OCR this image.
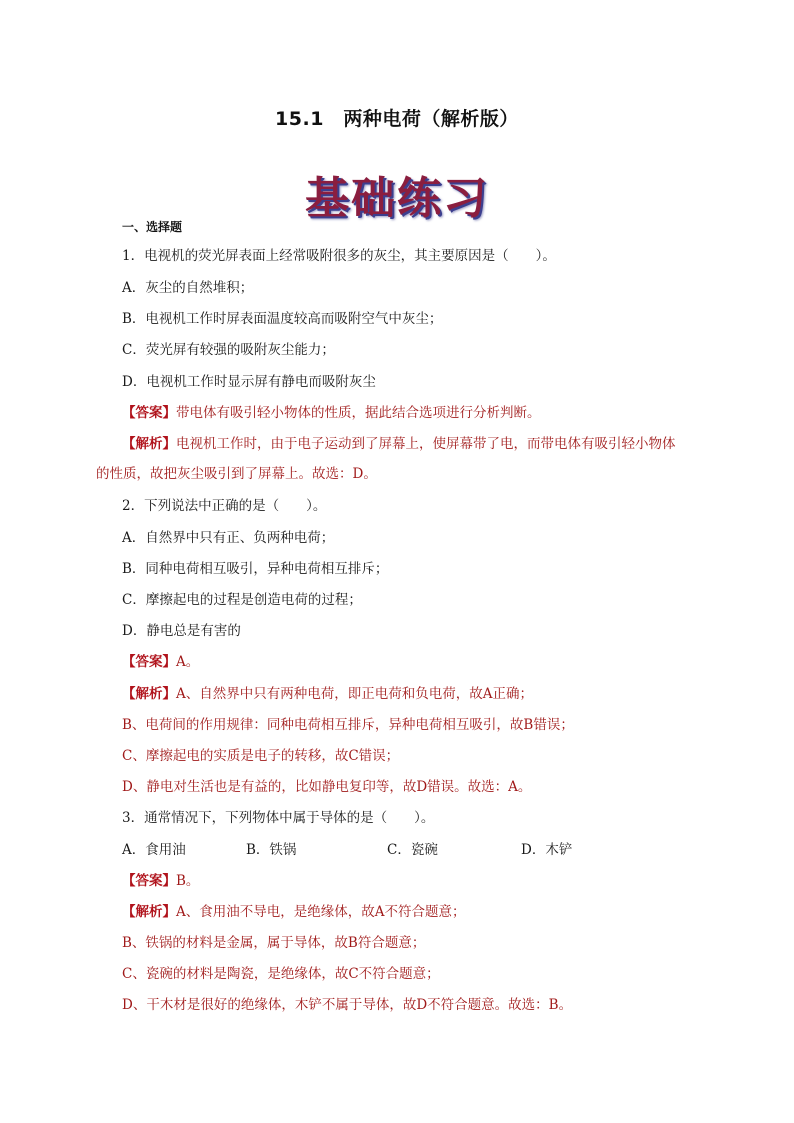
15.1　两种电荷（解析版）
基础练习
一、选择题
1．电视机的荧光屏表面上经常吸附很多的灰尘，其主要原因是（　　）。
A．灰尘的自然堆积；
B．电视机工作时屏表面温度较高而吸附空气中灰尘；
C．荧光屏有较强的吸附灰尘能力；
D．电视机工作时显示屏有静电而吸附灰尘
【答案】带电体有吸引轻小物体的性质，据此结合选项进行分析判断。
【解析】电视机工作时，由于电子运动到了屏幕上，使屏幕带了电，而带电体有吸引轻小物体
的性质，故把灰尘吸引到了屏幕上。故选：D。
2．下列说法中正确的是（　　）。
A．自然界中只有正、负两种电荷；
B．同种电荷相互吸引，异种电荷相互排斥；
C．摩擦起电的过程是创造电荷的过程；
D．静电总是有害的
【答案】A。
【解析】A、自然界中只有两种电荷，即正电荷和负电荷，故A正确；
B、电荷间的作用规律：同种电荷相互排斥，异种电荷相互吸引，故B错误；
C、摩擦起电的实质是电子的转移，故C错误；
D、静电对生活也是有益的，比如静电复印等，故D错误。故选：A。
3．通常情况下，下列物体中属于导体的是（　　）。
A．食用油	B．铁锅	C．瓷碗	D．木铲
【答案】B。
【解析】A、食用油不导电，是绝缘体，故A不符合题意；
B、铁锅的材料是金属，属于导体，故B符合题意；
C、瓷碗的材料是陶瓷，是绝缘体，故C不符合题意；
D、干木材是很好的绝缘体，木铲不属于导体，故D不符合题意。故选：B。
